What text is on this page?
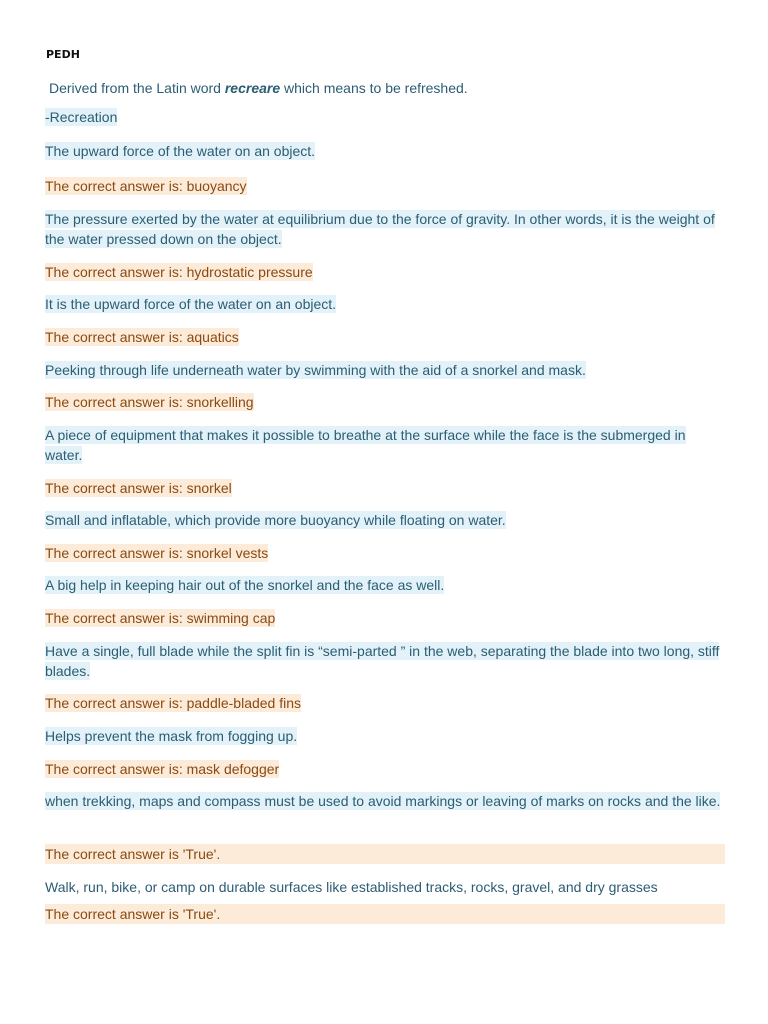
PEDH
Derived from the Latin word recreare which means to be refreshed.
-Recreation
The upward force of the water on an object.
The correct answer is: buoyancy
The pressure exerted by the water at equilibrium due to the force of gravity. In other words, it is the weight of the water pressed down on the object.
The correct answer is: hydrostatic pressure
It is the upward force of the water on an object.
The correct answer is: aquatics
Peeking through life underneath water by swimming with the aid of a snorkel and mask.
The correct answer is: snorkelling
A piece of equipment that makes it possible to breathe at the surface while the face is the submerged in water.
The correct answer is: snorkel
Small and inflatable, which provide more buoyancy while floating on water.
The correct answer is: snorkel vests
A big help in keeping hair out of the snorkel and the face as well.
The correct answer is: swimming cap
Have a single, full blade while the split fin is “semi-parted ” in the web, separating the blade into two long, stiff blades.
The correct answer is: paddle-bladed fins
Helps prevent the mask from fogging up.
The correct answer is: mask defogger
when trekking, maps and compass must be used to avoid markings or leaving of marks on rocks and the like.
The correct answer is 'True'.
Walk, run, bike, or camp on durable surfaces like established tracks, rocks, gravel, and dry grasses
The correct answer is 'True'.
